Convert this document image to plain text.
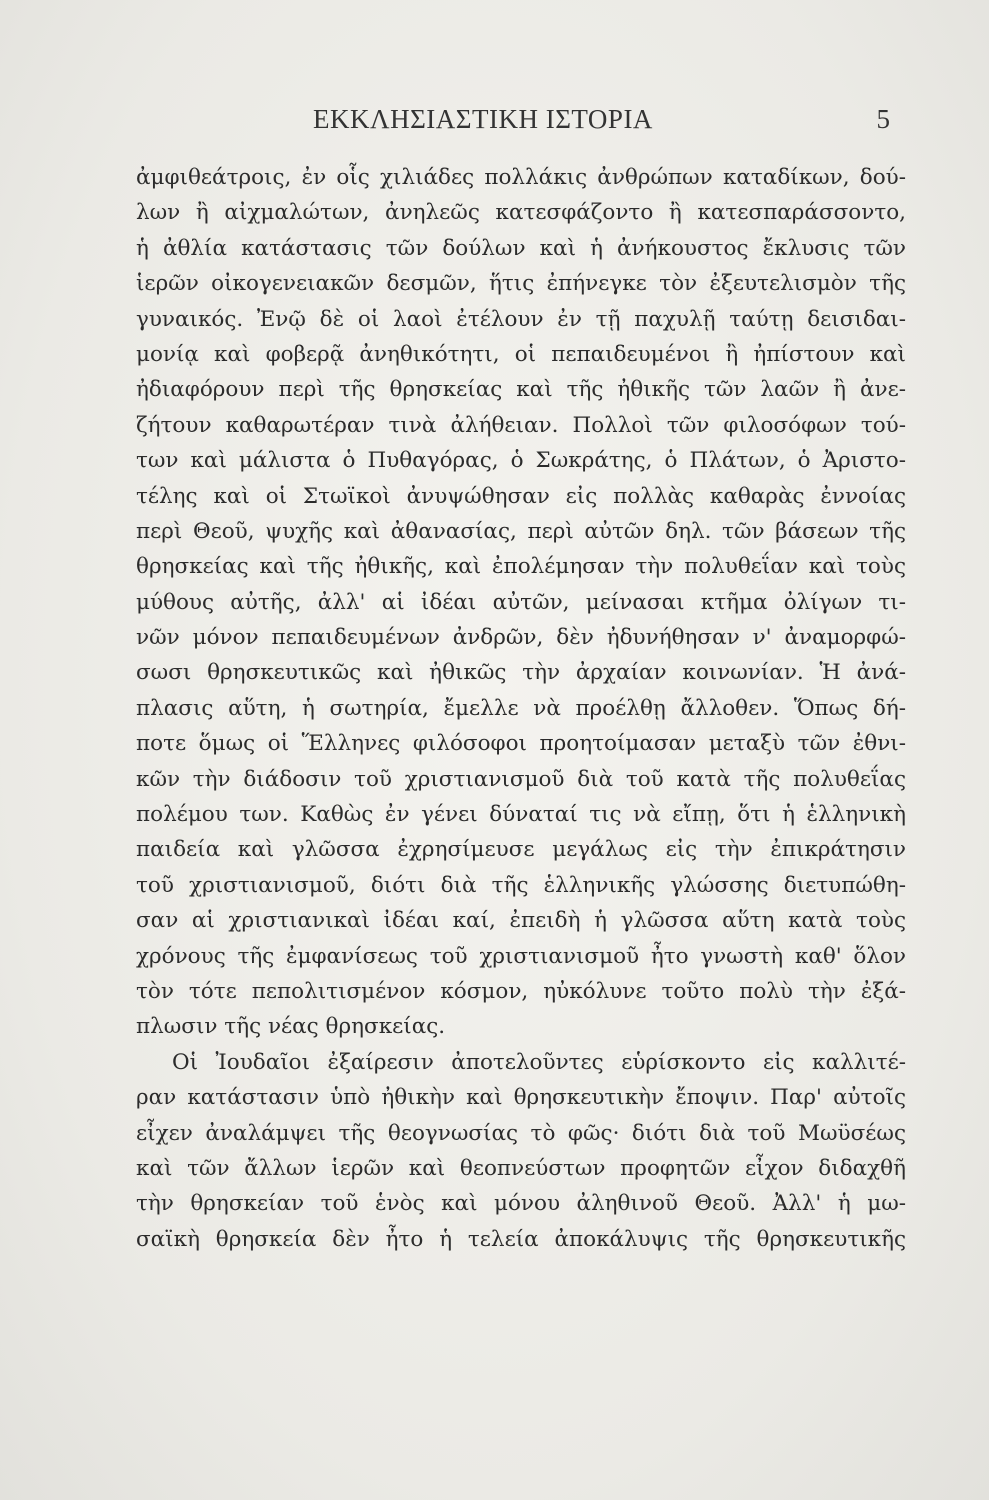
ΕΚΚΛΗΣΙΑΣΤΙΚΗ ΙΣΤΟΡΙΑ	5
ἀμφιθεάτροις, ἐν οἷς χιλιάδες πολλάκις ἀνθρώπων καταδίκων, δού-
λων ἢ αἰχμαλώτων, ἀνηλεῶς κατεσφάζοντο ἢ κατεσπαράσσοντο,
ἡ ἀθλία κατάστασις τῶν δούλων καὶ ἡ ἀνήκουστος ἔκλυσις τῶν
ἱερῶν οἰκογενειακῶν δεσμῶν, ἥτις ἐπήνεγκε τὸν ἐξευτελισμὸν τῆς
γυναικός. Ἐνῷ δὲ οἱ λαοὶ ἐτέλουν ἐν τῇ παχυλῇ ταύτῃ δεισιδαι-
μονίᾳ καὶ φοβερᾷ ἀνηθικότητι, οἱ πεπαιδευμένοι ἢ ἠπίστουν καὶ
ἠδιαφόρουν περὶ τῆς θρησκείας καὶ τῆς ἠθικῆς τῶν λαῶν ἢ ἀνε-
ζήτουν καθαρωτέραν τινὰ ἀλήθειαν. Πολλοὶ τῶν φιλοσόφων τού-
των καὶ μάλιστα ὁ Πυθαγόρας, ὁ Σωκράτης, ὁ Πλάτων, ὁ Ἀριστο-
τέλης καὶ οἱ Στωϊκοὶ ἀνυψώθησαν εἰς πολλὰς καθαρὰς ἐννοίας
περὶ Θεοῦ, ψυχῆς καὶ ἀθανασίας, περὶ αὐτῶν δηλ. τῶν βάσεων τῆς
θρησκείας καὶ τῆς ἠθικῆς, καὶ ἐπολέμησαν τὴν πολυθεΐαν καὶ τοὺς
μύθους αὐτῆς, ἀλλ' αἱ ἰδέαι αὐτῶν, μείνασαι κτῆμα ὀλίγων τι-
νῶν μόνον πεπαιδευμένων ἀνδρῶν, δὲν ἠδυνήθησαν ν' ἀναμορφώ-
σωσι θρησκευτικῶς καὶ ἠθικῶς τὴν ἀρχαίαν κοινωνίαν. Ἡ ἀνά-
πλασις αὕτη, ἡ σωτηρία, ἔμελλε νὰ προέλθῃ ἄλλοθεν. Ὅπως δή-
ποτε ὅμως οἱ Ἕλληνες φιλόσοφοι προητοίμασαν μεταξὺ τῶν ἐθνι-
κῶν τὴν διάδοσιν τοῦ χριστιανισμοῦ διὰ τοῦ κατὰ τῆς πολυθεΐας
πολέμου των. Καθὼς ἐν γένει δύναταί τις νὰ εἴπῃ, ὅτι ἡ ἑλληνικὴ
παιδεία καὶ γλῶσσα ἐχρησίμευσε μεγάλως εἰς τὴν ἐπικράτησιν
τοῦ χριστιανισμοῦ, διότι διὰ τῆς ἑλληνικῆς γλώσσης διετυπώθη-
σαν αἱ χριστιανικαὶ ἰδέαι καί, ἐπειδὴ ἡ γλῶσσα αὕτη κατὰ τοὺς
χρόνους τῆς ἐμφανίσεως τοῦ χριστιανισμοῦ ἦτο γνωστὴ καθ' ὅλον
τὸν τότε πεπολιτισμένον κόσμον, ηὐκόλυνε τοῦτο πολὺ τὴν ἐξά-
πλωσιν τῆς νέας θρησκείας.
Οἱ Ἰουδαῖοι ἐξαίρεσιν ἀποτελοῦντες εὑρίσκοντο εἰς καλλιτέ-
ραν κατάστασιν ὑπὸ ἠθικὴν καὶ θρησκευτικὴν ἔποψιν. Παρ' αὐτοῖς
εἶχεν ἀναλάμψει τῆς θεογνωσίας τὸ φῶς· διότι διὰ τοῦ Μωϋσέως
καὶ τῶν ἄλλων ἱερῶν καὶ θεοπνεύστων προφητῶν εἶχον διδαχθῆ
τὴν θρησκείαν τοῦ ἑνὸς καὶ μόνου ἀληθινοῦ Θεοῦ. Ἀλλ' ἡ μω-
σαϊκὴ θρησκεία δὲν ἦτο ἡ τελεία ἀποκάλυψις τῆς θρησκευτικῆς
